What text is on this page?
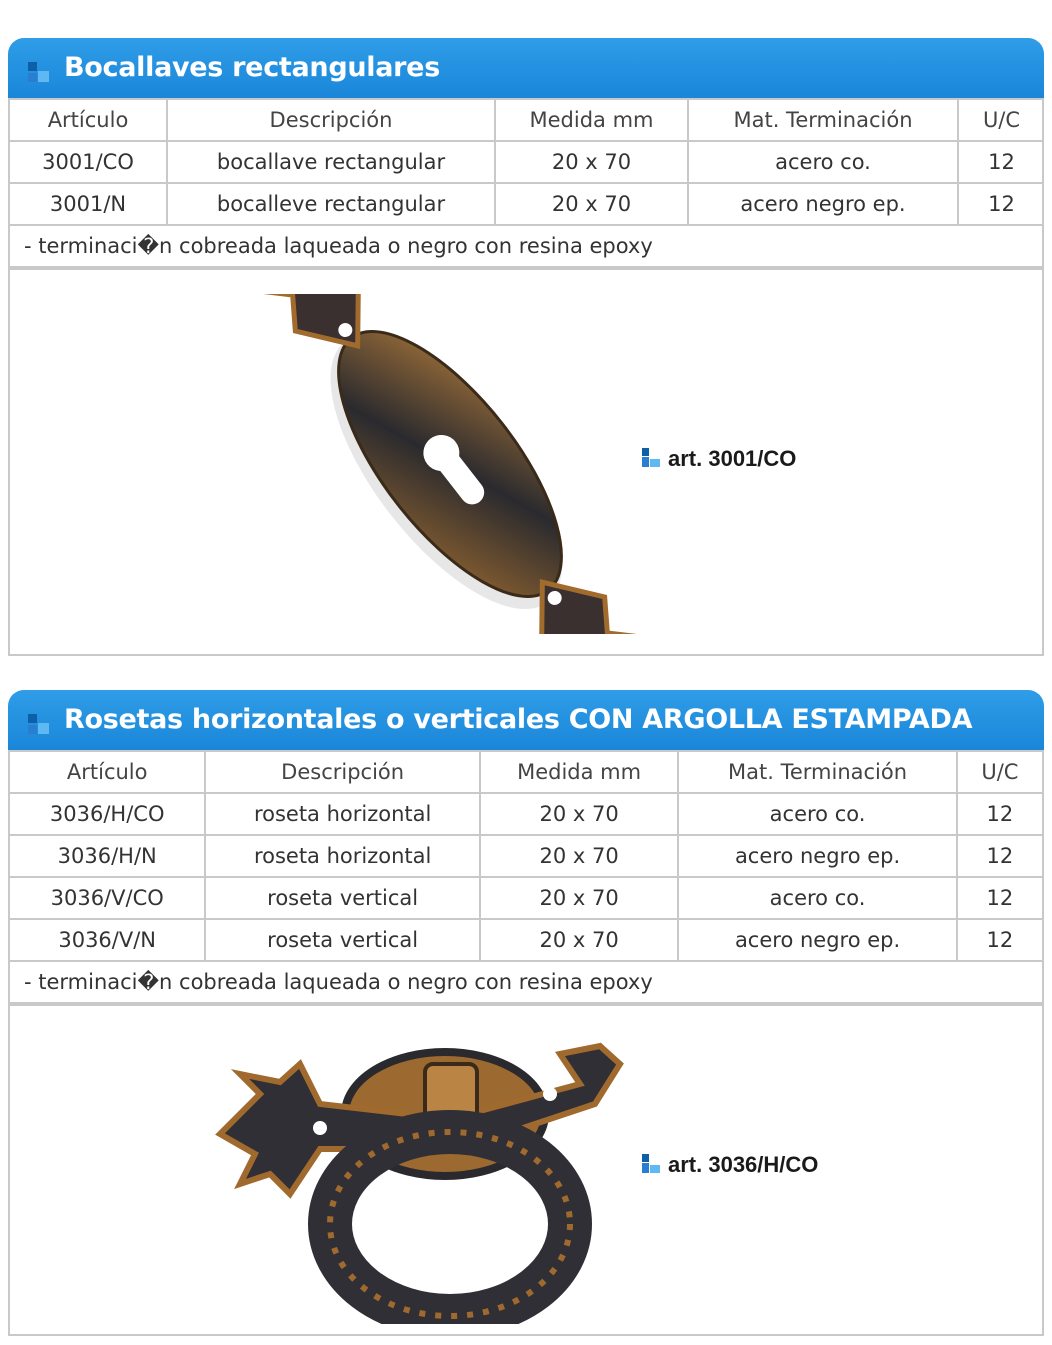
Bocallaves rectangulares
Artículo	Descripción	Medida mm	Mat. Terminación	U/C
3001/CO	bocallave rectangular	20 x 70	acero co.	12
3001/N	bocalleve rectangular	20 x 70	acero negro ep.	12
- terminaci�n cobreada laqueada o negro con resina epoxy				
art. 3001/CO
Rosetas horizontales o verticales CON ARGOLLA ESTAMPADA
Artículo	Descripción	Medida mm	Mat. Terminación	U/C
3036/H/CO	roseta horizontal	20 x 70	acero co.	12
3036/H/N	roseta horizontal	20 x 70	acero negro ep.	12
3036/V/CO	roseta vertical	20 x 70	acero co.	12
3036/V/N	roseta vertical	20 x 70	acero negro ep.	12
- terminaci�n cobreada laqueada o negro con resina epoxy				
art. 3036/H/CO
